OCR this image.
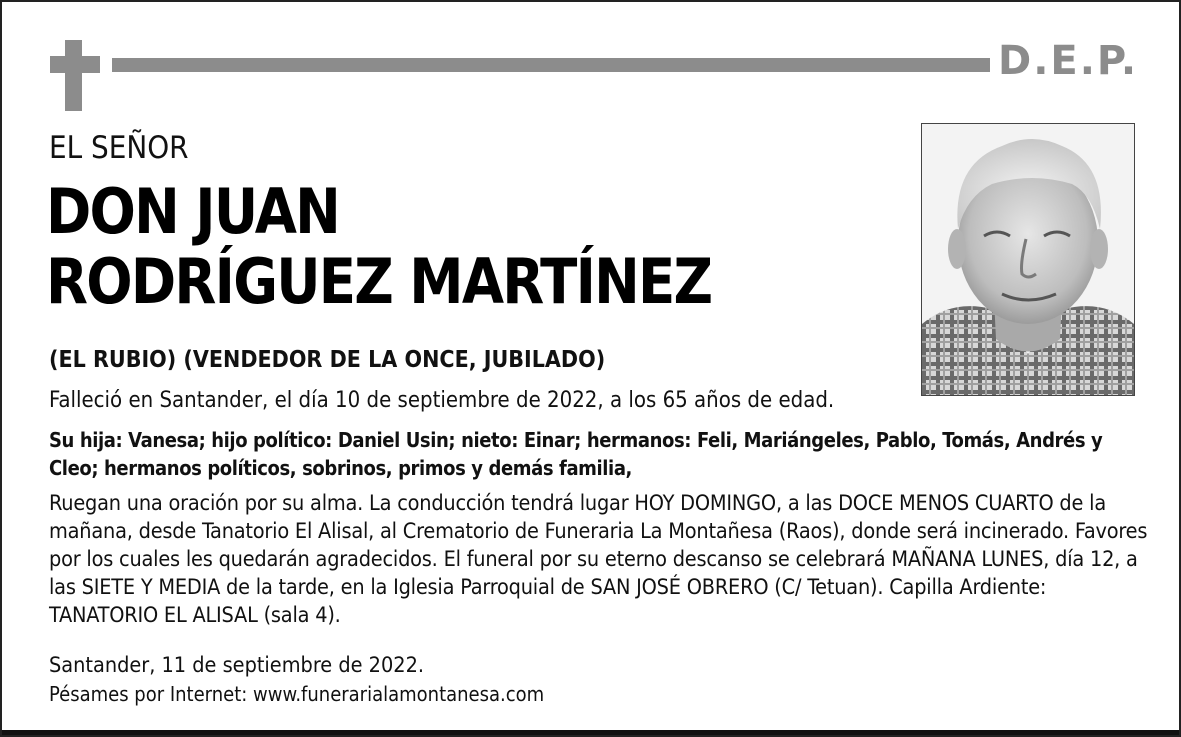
D.E.P.
EL SEÑOR
DON JUAN
RODRÍGUEZ MARTÍNEZ
(EL RUBIO) (VENDEDOR DE LA ONCE, JUBILADO)
Falleció en Santander, el día 10 de septiembre de 2022, a los 65 años de edad.
Su hija: Vanesa; hijo político: Daniel Usin; nieto: Einar; hermanos: Feli, Mariángeles, Pablo, Tomás, Andrés y Cleo; hermanos políticos, sobrinos, primos y demás familia,
Ruegan una oración por su alma. La conducción tendrá lugar HOY DOMINGO, a las DOCE MENOS CUARTO de la mañana, desde Tanatorio El Alisal, al Crematorio de Funeraria La Montañesa (Raos), donde será incinerado. Favores por los cuales les quedarán agradecidos. El funeral por su eterno descanso se celebrará MAÑANA LUNES, día 12, a las SIETE Y MEDIA de la tarde, en la Iglesia Parroquial de SAN JOSÉ OBRERO (C/ Tetuan). Capilla Ardiente: TANATORIO EL ALISAL (sala 4).
Santander, 11 de septiembre de 2022.
Pésames por Internet: www.funerarialamontanesa.com
